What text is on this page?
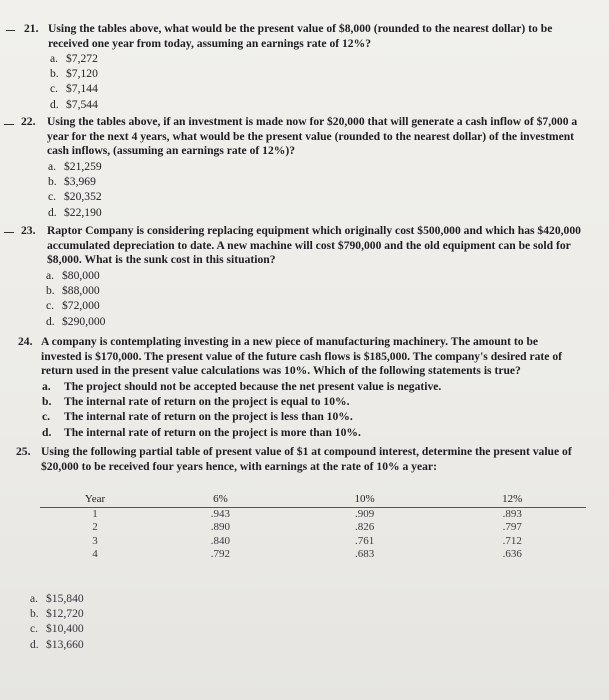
21. Using the tables above, what would be the present value of $8,000 (rounded to the nearest dollar) to be
received one year from today, assuming an earnings rate of 12%?
a. $7,272
b. $7,120
c. $7,144
d. $7,544
22. Using the tables above, if an investment is made now for $20,000 that will generate a cash inflow of $7,000 a
year for the next 4 years, what would be the present value (rounded to the nearest dollar) of the investment
cash inflows, (assuming an earnings rate of 12%)?
a. $21,259
b. $3,969
c. $20,352
d. $22,190
23. Raptor Company is considering replacing equipment which originally cost $500,000 and which has $420,000
accumulated depreciation to date. A new machine will cost $790,000 and the old equipment can be sold for
$8,000. What is the sunk cost in this situation?
a. $80,000
b. $88,000
c. $72,000
d. $290,000
24. A company is contemplating investing in a new piece of manufacturing machinery. The amount to be
invested is $170,000. The present value of the future cash flows is $185,000. The company's desired rate of
return used in the present value calculations was 10%. Which of the following statements is true?
a.	The project should not be accepted because the net present value is negative.
b.	The internal rate of return on the project is equal to 10%.
c.	The internal rate of return on the project is less than 10%.
d.	The internal rate of return on the project is more than 10%.
25. Using the following partial table of present value of $1 at compound interest, determine the present value of
$20,000 to be received four years hence, with earnings at the rate of 10% a year:
Year	6%	10%	12%
1	.943	.909	.893
2	.890	.826	.797
3	.840	.761	.712
4	.792	.683	.636
a. $15,840
b. $12,720
c. $10,400
d. $13,660
